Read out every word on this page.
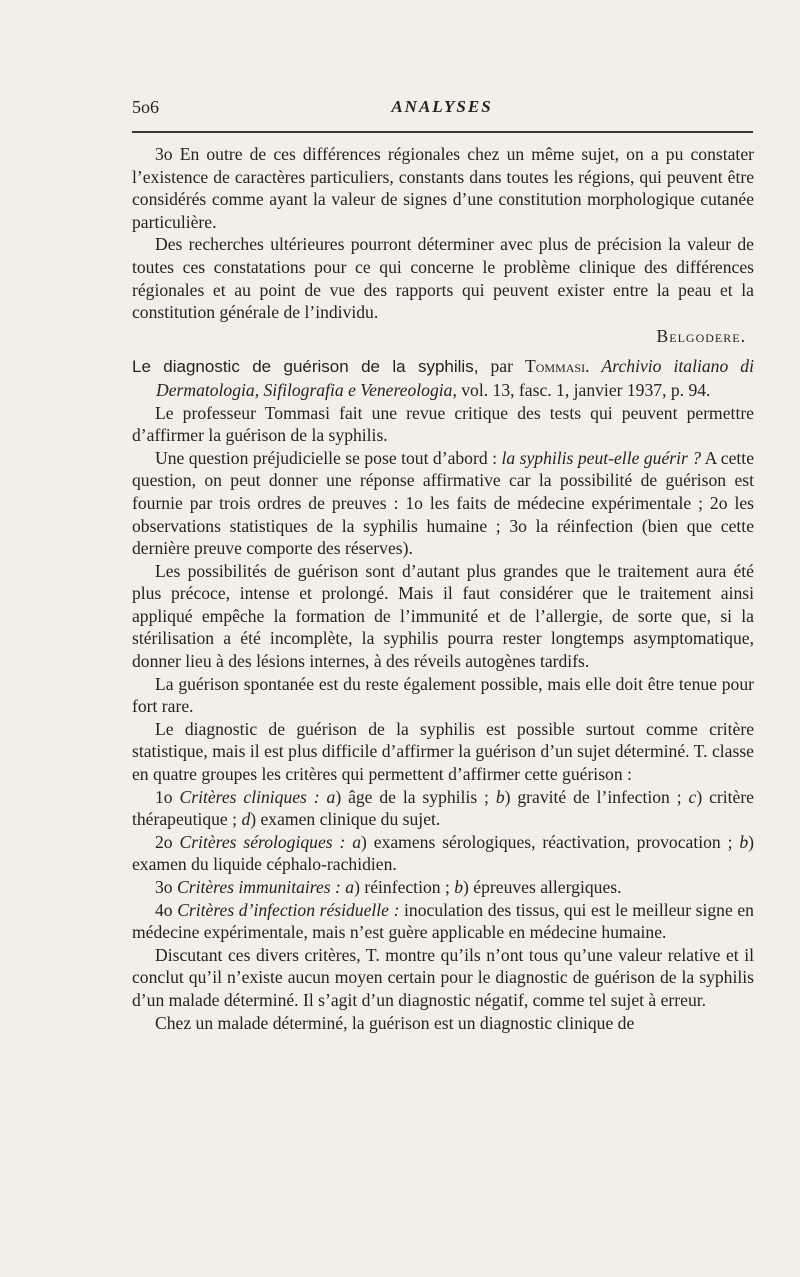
5o6	ANALYSES

3o En outre de ces différences régionales chez un même sujet, on a pu constater l’existence de caractères particuliers, constants dans toutes les régions, qui peuvent être considérés comme ayant la valeur de signes d’une constitution morphologique cutanée particulière.

Des recherches ultérieures pourront déterminer avec plus de précision la valeur de toutes ces constatations pour ce qui concerne le problème clinique des différences régionales et au point de vue des rapports qui peuvent exister entre la peau et la constitution générale de l’individu.

Belgodere.

Le diagnostic de guérison de la syphilis, par Tommasi. Archivio italiano di Dermatologia, Sifilografia e Venereologia, vol. 13, fasc. 1, janvier 1937, p. 94.

Le professeur Tommasi fait une revue critique des tests qui peuvent permettre d’affirmer la guérison de la syphilis.

Une question préjudicielle se pose tout d’abord : la syphilis peut-elle guérir ? A cette question, on peut donner une réponse affirmative car la possibilité de guérison est fournie par trois ordres de preuves : 1o les faits de médecine expérimentale ; 2o les observations statistiques de la syphilis humaine ; 3o la réinfection (bien que cette dernière preuve comporte des réserves).

Les possibilités de guérison sont d’autant plus grandes que le traitement aura été plus précoce, intense et prolongé. Mais il faut considérer que le traitement ainsi appliqué empêche la formation de l’immunité et de l’allergie, de sorte que, si la stérilisation a été incomplète, la syphilis pourra rester longtemps asymptomatique, donner lieu à des lésions internes, à des réveils autogènes tardifs.

La guérison spontanée est du reste également possible, mais elle doit être tenue pour fort rare.

Le diagnostic de guérison de la syphilis est possible surtout comme critère statistique, mais il est plus difficile d’affirmer la guérison d’un sujet déterminé. T. classe en quatre groupes les critères qui permettent d’affirmer cette guérison :

1o Critères cliniques : a) âge de la syphilis ; b) gravité de l’infection ; c) critère thérapeutique ; d) examen clinique du sujet.

2o Critères sérologiques : a) examens sérologiques, réactivation, provocation ; b) examen du liquide céphalo-rachidien.

3o Critères immunitaires : a) réinfection ; b) épreuves allergiques.

4o Critères d’infection résiduelle : inoculation des tissus, qui est le meilleur signe en médecine expérimentale, mais n’est guère applicable en médecine humaine.

Discutant ces divers critères, T. montre qu’ils n’ont tous qu’une valeur relative et il conclut qu’il n’existe aucun moyen certain pour le diagnostic de guérison de la syphilis d’un malade déterminé. Il s’agit d’un diagnostic négatif, comme tel sujet à erreur.

Chez un malade déterminé, la guérison est un diagnostic clinique de
